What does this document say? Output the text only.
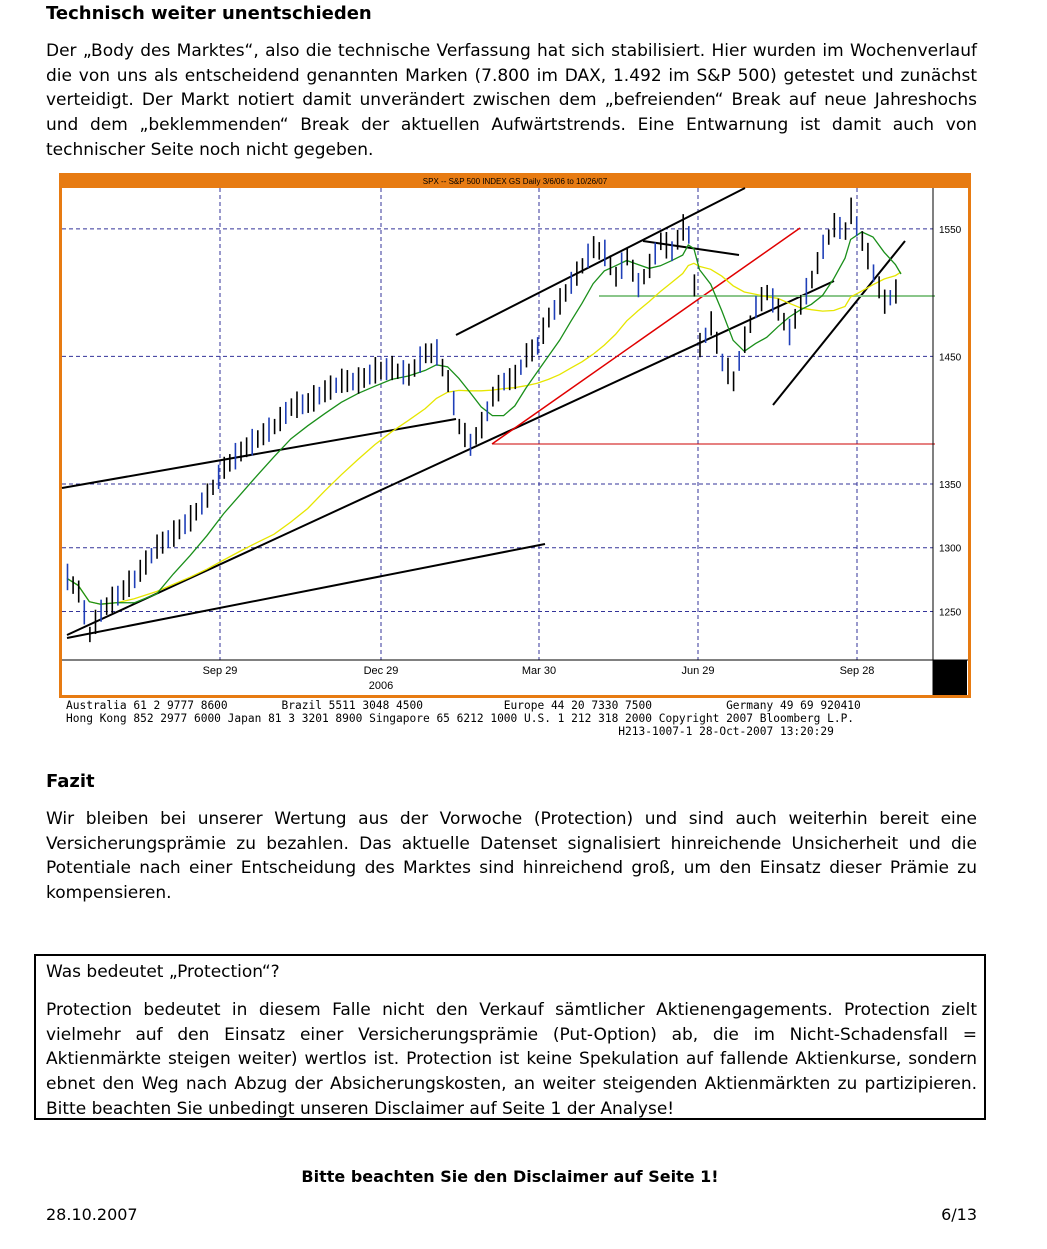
Technisch weiter unentschieden

Der „Body des Marktes“, also die technische Verfassung hat sich stabilisiert. Hier wurden im Wochenverlauf die von uns als entscheidend genannten Marken (7.800 im DAX, 1.492 im S&P 500) getestet und zunächst verteidigt. Der Markt notiert damit unverändert zwischen dem „befreienden“ Break auf neue Jahreshochs und dem „beklemmenden“ Break der aktuellen Aufwärtstrends. Eine Entwarnung ist damit auch von technischer Seite noch nicht gegeben.

SPX -- S&P 500 INDEX GS Daily 3/6/06 to 10/26/07
1550
1450
1350
1300
1250
Sep 29	Dec 29	Mar 30	Jun 29	Sep 28
2006
Australia 61 2 9777 8600        Brazil 5511 3048 4500            Europe 44 20 7330 7500           Germany 49 69 920410
Hong Kong 852 2977 6000 Japan 81 3 3201 8900 Singapore 65 6212 1000 U.S. 1 212 318 2000 Copyright 2007 Bloomberg L.P.
H213-1007-1 28-Oct-2007 13:20:29
Fazit

Wir bleiben bei unserer Wertung aus der Vorwoche (Protection) und sind auch weiterhin bereit eine Versicherungsprämie zu bezahlen. Das aktuelle Datenset signalisiert hinreichende Unsicherheit und die Potentiale nach einer Entscheidung des Marktes sind hinreichend groß, um den Einsatz dieser Prämie zu kompensieren.

Was bedeutet „Protection“?

Protection bedeutet in diesem Falle nicht den Verkauf sämtlicher Aktienengagements. Protection zielt vielmehr auf den Einsatz einer Versicherungsprämie (Put-Option) ab, die im Nicht-Schadensfall = Aktienmärkte steigen weiter) wertlos ist. Protection ist keine Spekulation auf fallende Aktienkurse, sondern ebnet den Weg nach Abzug der Absicherungskosten, an weiter steigenden Aktienmärkten zu partizipieren. Bitte beachten Sie unbedingt unseren Disclaimer auf Seite 1 der Analyse!

Bitte beachten Sie den Disclaimer auf Seite 1!
28.10.2007	6/13
